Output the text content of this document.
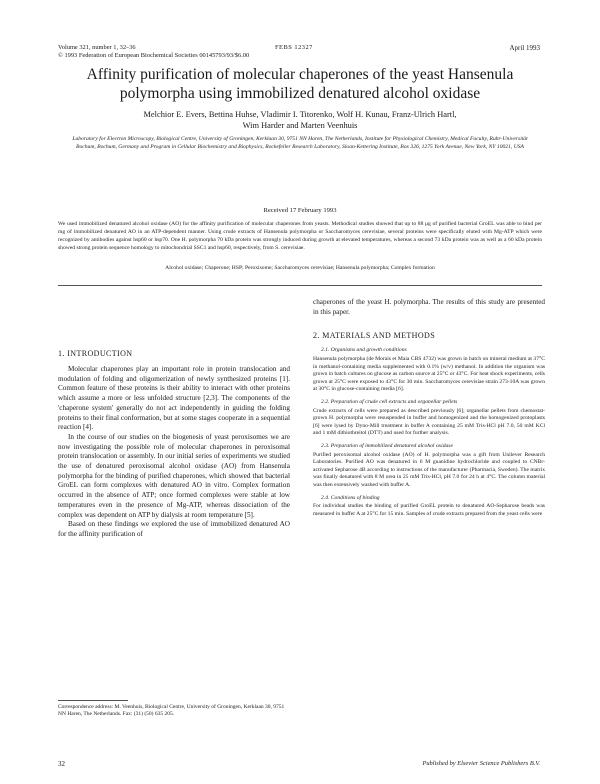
Volume 321, number 1, 32–36
© 1993 Federation of European Biochemical Societies 00145793/93/$6.00
FEBS 12327	April 1993
Affinity purification of molecular chaperones of the yeast Hansenula
polymorpha using immobilized denatured alcohol oxidase
Melchior E. Evers, Bettina Huhse, Vladimir I. Titorenko, Wolf H. Kunau, Franz-Ulrich Hartl,
Wim Harder and Marten Veenhuis
Laboratory for Electron Microscopy, Biological Centre, University of Groningen, Kerklaan 30, 9751 NN Haren, The Netherlands, Institute for Physiological Chemistry, Medical Faculty, Ruhr-Universität Bochum, Bochum, Germany and Program in Cellular Biochemistry and Biophysics, Rockefeller Research Laboratory, Sloan-Kettering Institute, Box 326, 1275 York Avenue, New York, NY 10021, USA
Received 17 February 1993
We used immobilized denatured alcohol oxidase (AO) for the affinity purification of molecular chaperones from yeasts. Methodical studies showed that up to 88 μg of purified bacterial GroEL was able to bind per mg of immobilized denatured AO in an ATP-dependent manner. Using crude extracts of Hansenula polymorpha or Saccharomyces cerevisiae, several proteins were specifically eluted with Mg-ATP which were recognized by antibodies against hsp60 or hsp70. One H. polymorpha 70 kDa protein was strongly induced during growth at elevated temperatures, whereas a second 73 kDa protein was as well as a 60 kDa protein showed strong protein sequence homology to mitochondrial SSC1 and hsp60, respectively, from S. cerevisiae.
Alcohol oxidase; Chaperone; HSP; Peroxisome; Saccharomyces cerevisiae; Hansenula polymorpha; Complex formation
1. INTRODUCTION

Molecular chaperones play an important role in protein translocation and modulation of folding and oligomerization of newly synthesized proteins [1]. Common feature of these proteins is their ability to interact with other proteins which assume a more or less unfolded structure [2,3]. The components of the 'chaperone system' generally do not act independently in guiding the folding proteins to their final conformation, but at some stages cooperate in a sequential reaction [4].

In the course of our studies on the biogenesis of yeast peroxisomes we are now investigating the possible role of molecular chaperones in peroxisomal protein translocation or assembly. In our initial series of experiments we studied the use of denatured peroxisomal alcohol oxidase (AO) from Hansenula polymorpha for the binding of purified chaperones, which showed that bacterial GroEL can form complexes with denatured AO in vitro. Complex formation occurred in the absence of ATP; once formed complexes were stable at low temperatures even in the presence of Mg-ATP, whereas dissociation of the complex was dependent on ATP by dialysis at room temperature [5].

Based on these findings we explored the use of immobilized denatured AO for the affinity purification of

chaperones of the yeast H. polymorpha. The results of this study are presented in this paper.

2. MATERIALS AND METHODS
2.1. Organisms and growth conditions

Hansenula polymorpha (de Morais et Maia CBS 4732) was grown in batch on mineral medium at 37°C in methanol-containing media supplemented with 0.1% (w/v) methanol. In addition the organism was grown in batch cultures on glucose as carbon source at 25°C or 43°C. For heat shock experiments, cells grown at 25°C were exposed to 43°C for 30 min. Saccharomyces cerevisiae strain 273-10A was grown at 30°C in glucose-containing media [6].

2.2. Preparation of crude cell extracts and organellar pellets

Crude extracts of cells were prepared as described previously [6]; organellar pellets from chemostat-grown H. polymorpha were resuspended in buffer and homogenized and the homogenized protoplasts [6] were lysed by Dyno-Mill treatment in buffer A containing 25 mM Tris-HCl pH 7.0, 50 mM KCl and 1 mM dithiothreitol (DTT) and used for further analysis.

2.3. Preparation of immobilized denatured alcohol oxidase

Purified peroxisomal alcohol oxidase (AO) of H. polymorpha was a gift from Unilever Research Laboratories. Purified AO was denatured in 6 M guanidine hydrochloride and coupled to CNBr-activated Sepharose 4B according to instructions of the manufacturer (Pharmacia, Sweden). The matrix was finally denatured with 8 M urea in 25 mM Tris-HCl, pH 7.0 for 24 h at 4°C. The column material was then extensively washed with buffer A.

2.4. Conditions of binding

For individual studies the binding of purified GroEL protein to denatured AO-Sepharose beads was measured in buffer A at 25°C for 15 min. Samples of crude extracts prepared from the yeast cells were

Correspondence address: M. Veenhuis, Biological Centre, University of Groningen, Kerklaan 30, 9751 NN Haren, The Netherlands. Fax: (31) (50) 635 205.
32	Published by Elsevier Science Publishers B.V.
